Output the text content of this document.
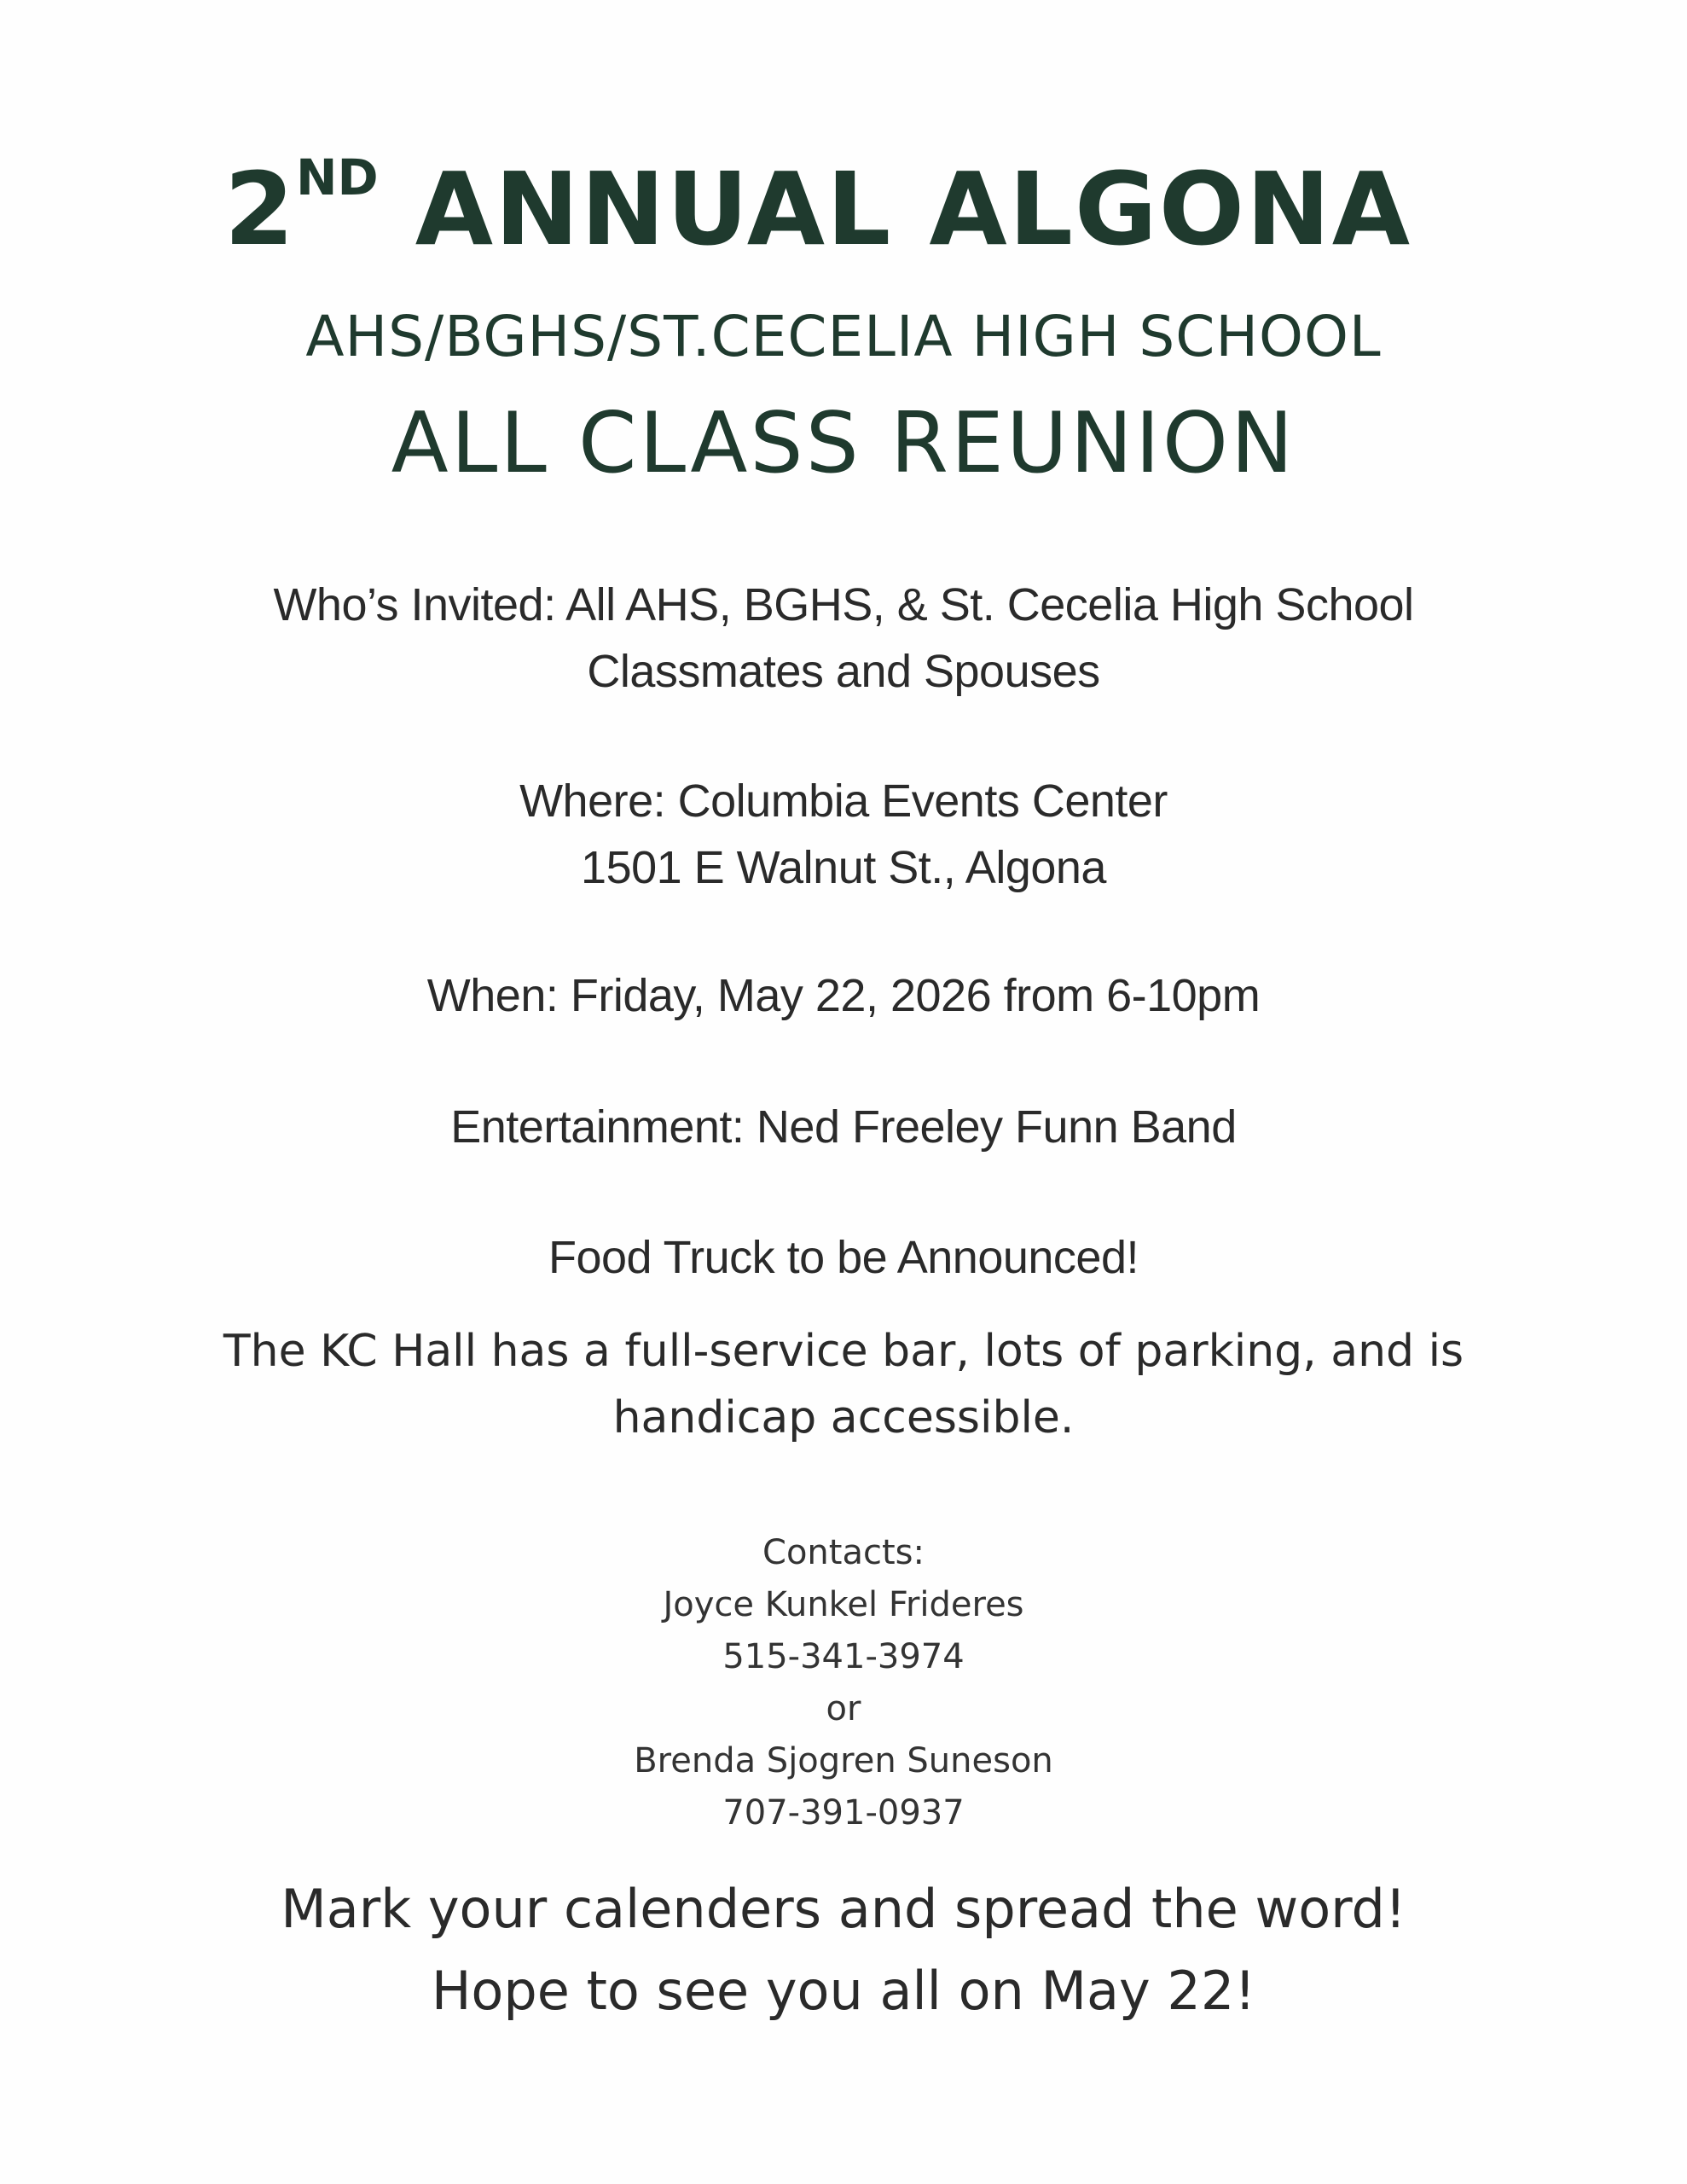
2ND ANNUAL ALGONA
AHS/BGHS/ST.CECELIA HIGH SCHOOL
ALL CLASS REUNION
Who’s Invited: All AHS, BGHS, & St. Cecelia High School
Classmates and Spouses
Where: Columbia Events Center
1501 E Walnut St., Algona
When: Friday, May 22, 2026 from 6-10pm
Entertainment: Ned Freeley Funn Band
Food Truck to be Announced!
The KC Hall has a full-service bar, lots of parking, and is
handicap accessible.
Contacts:
Joyce Kunkel Frideres
515-341-3974
or
Brenda Sjogren Suneson
707-391-0937
Mark your calenders and spread the word!
Hope to see you all on May 22!
